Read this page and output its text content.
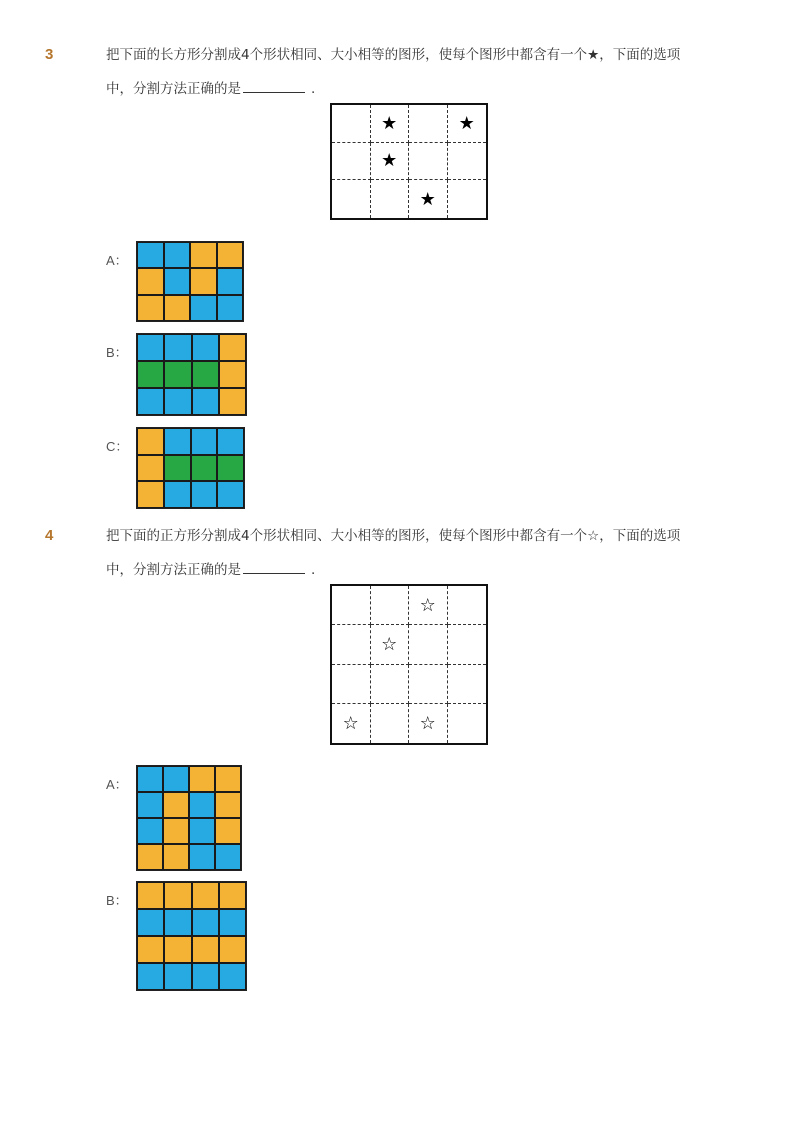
3	把下面的长方形分割成4个形状相同、大小相等的图形，使每个图形中都含有一个★，下面的选项
中，分割方法正确的是	.
★	★
★
★
A：
B：
C：
4	把下面的正方形分割成4个形状相同、大小相等的图形，使每个图形中都含有一个☆，下面的选项
中，分割方法正确的是	.
☆
☆
☆	☆
A：
B：
